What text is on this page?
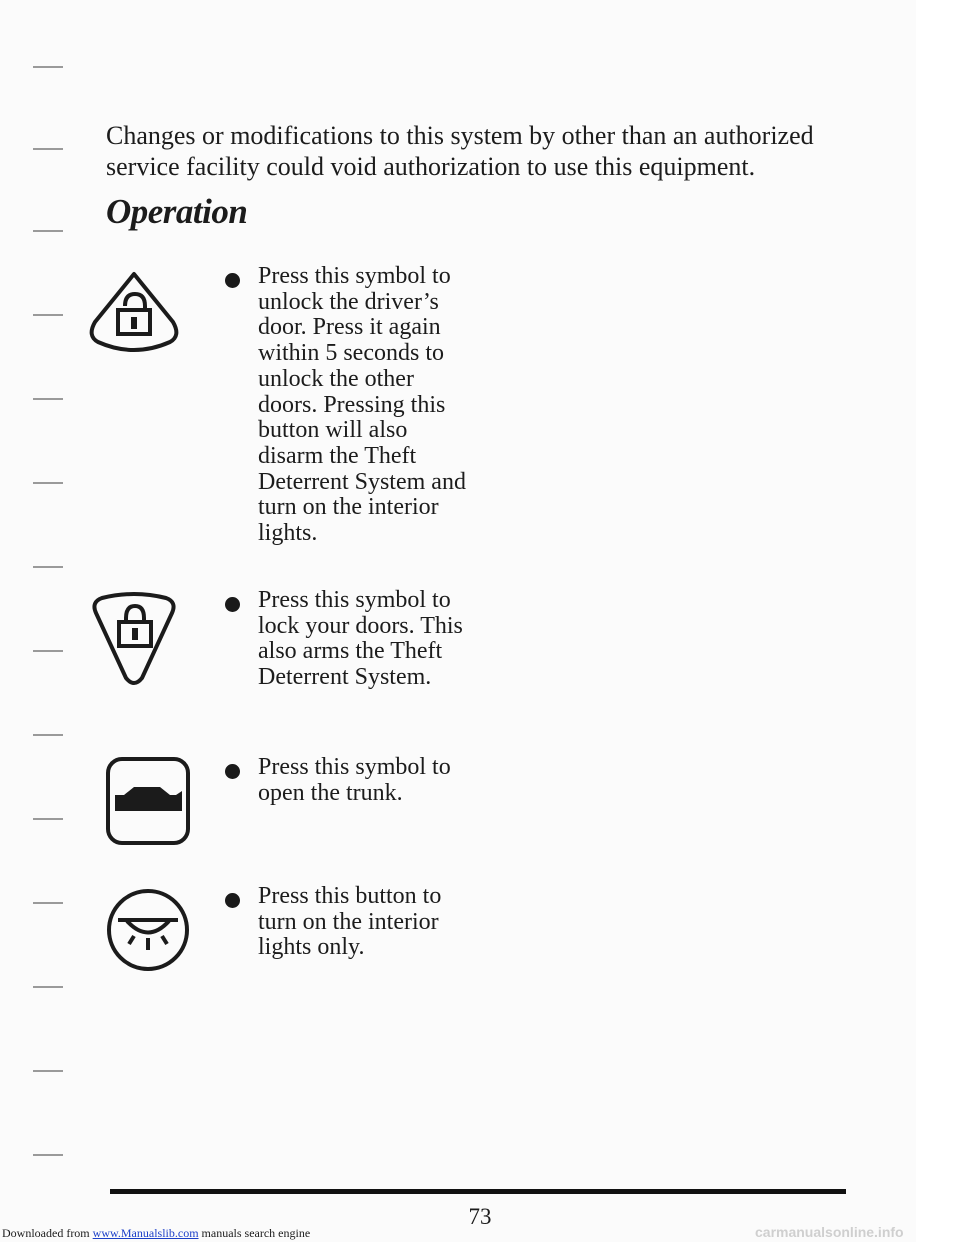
Changes or modifications to this system by other than an authorized service facility could void authorization to use this equipment.

Operation

Press this symbol to unlock the driver’s door. Press it again within 5 seconds to unlock the other doors. Pressing this button will also disarm the Theft Deterrent System and turn on the interior lights.

Press this symbol to lock your doors. This also arms the Theft Deterrent System.

Press this symbol to open the trunk.

Press this button to turn on the interior lights only.

73

Downloaded from www.Manualslib.com manuals search engine	carmanualsonline.info
